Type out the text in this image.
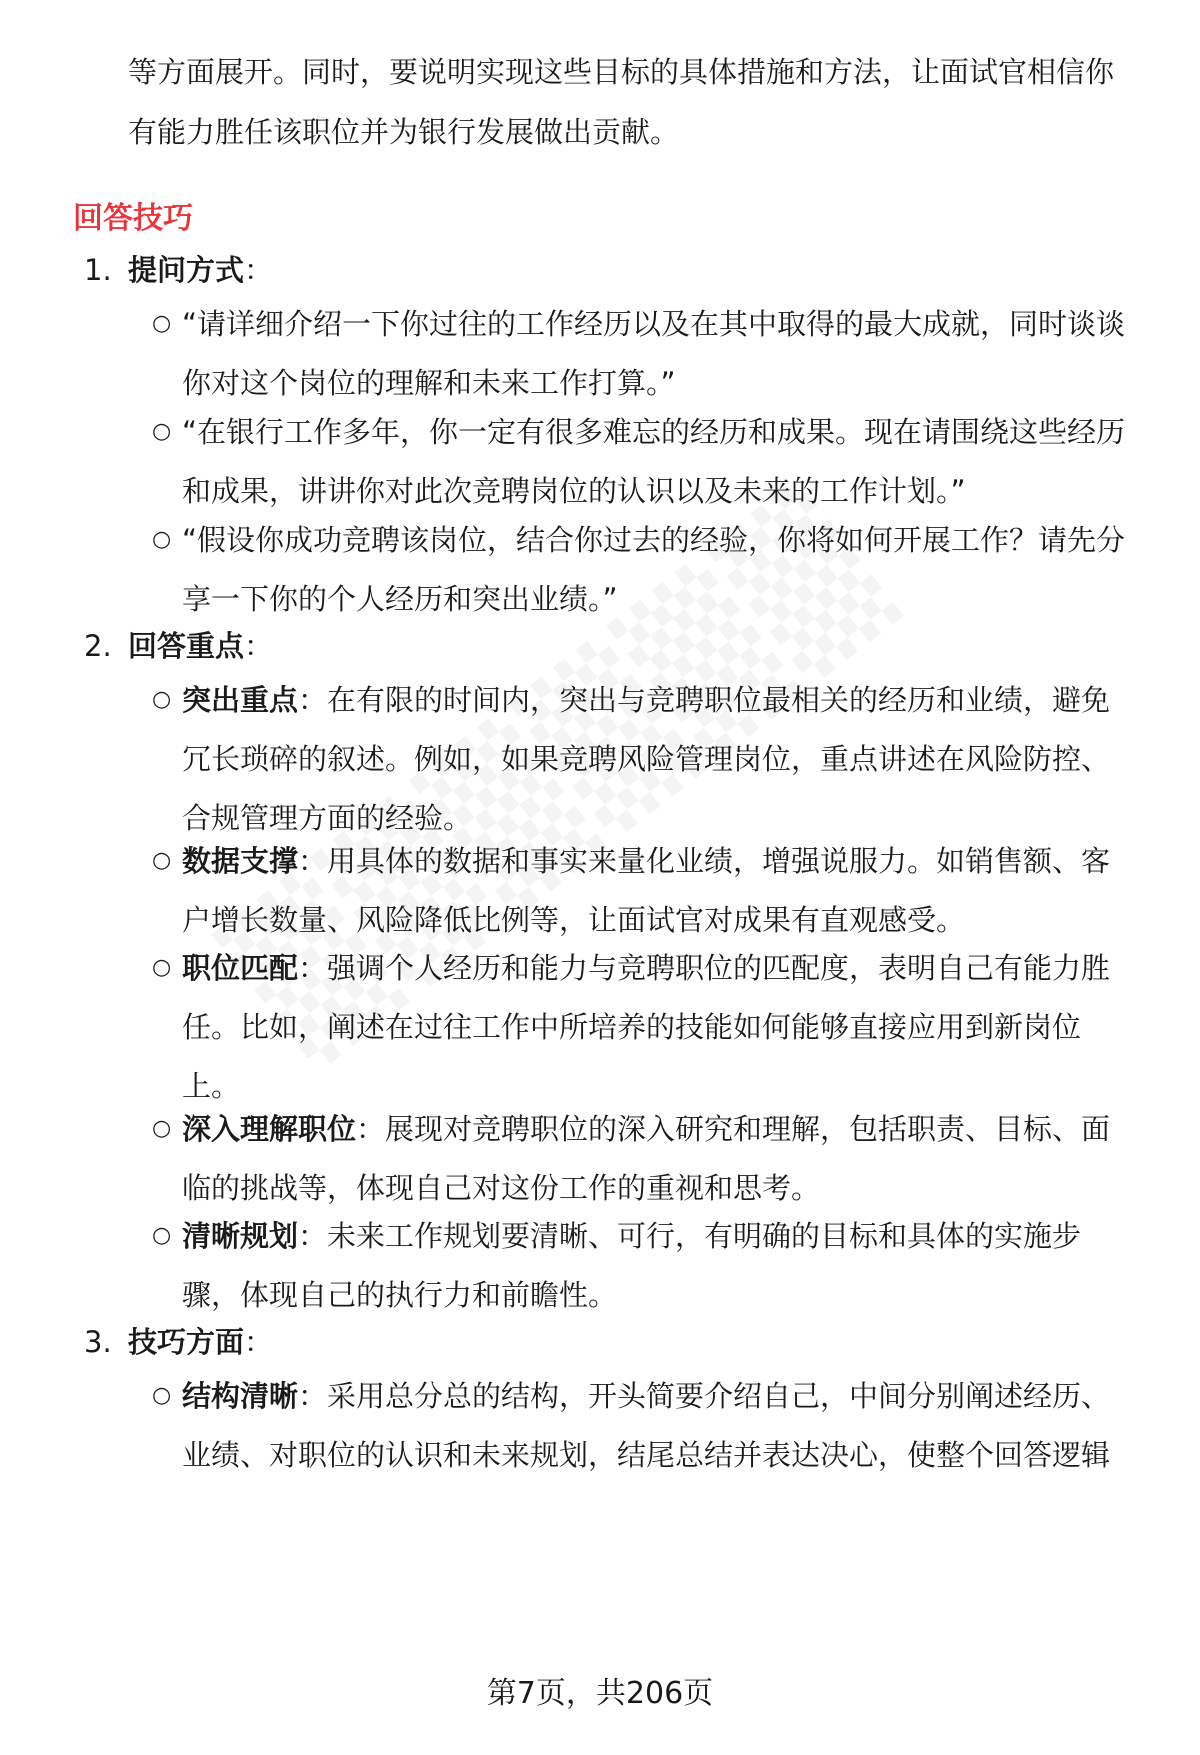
等方面展开。同时，要说明实现这些目标的具体措施和方法，让面试官相信你有能力胜任该职位并为银行发展做出贡献。

回答技巧
1. 提问方式：
○ “请详细介绍一下你过往的工作经历以及在其中取得的最大成就，同时谈谈你对这个岗位的理解和未来工作打算。”

○ “在银行工作多年，你一定有很多难忘的经历和成果。现在请围绕这些经历和成果，讲讲你对此次竞聘岗位的认识以及未来的工作计划。”

○ “假设你成功竞聘该岗位，结合你过去的经验，你将如何开展工作？请先分享一下你的个人经历和突出业绩。”

2. 回答重点：
○ 突出重点：在有限的时间内，突出与竞聘职位最相关的经历和业绩，避免冗长琐碎的叙述。例如，如果竞聘风险管理岗位，重点讲述在风险防控、合规管理方面的经验。

○ 数据支撑：用具体的数据和事实来量化业绩，增强说服力。如销售额、客户增长数量、风险降低比例等，让面试官对成果有直观感受。

○ 职位匹配：强调个人经历和能力与竞聘职位的匹配度，表明自己有能力胜任。比如，阐述在过往工作中所培养的技能如何能够直接应用到新岗位上。

○ 深入理解职位：展现对竞聘职位的深入研究和理解，包括职责、目标、面临的挑战等，体现自己对这份工作的重视和思考。

○ 清晰规划：未来工作规划要清晰、可行，有明确的目标和具体的实施步骤，体现自己的执行力和前瞻性。

3. 技巧方面：
○ 结构清晰：采用总分总的结构，开头简要介绍自己，中间分别阐述经历、业绩、对职位的认识和未来规划，结尾总结并表达决心，使整个回答逻辑

第7页，共206页
